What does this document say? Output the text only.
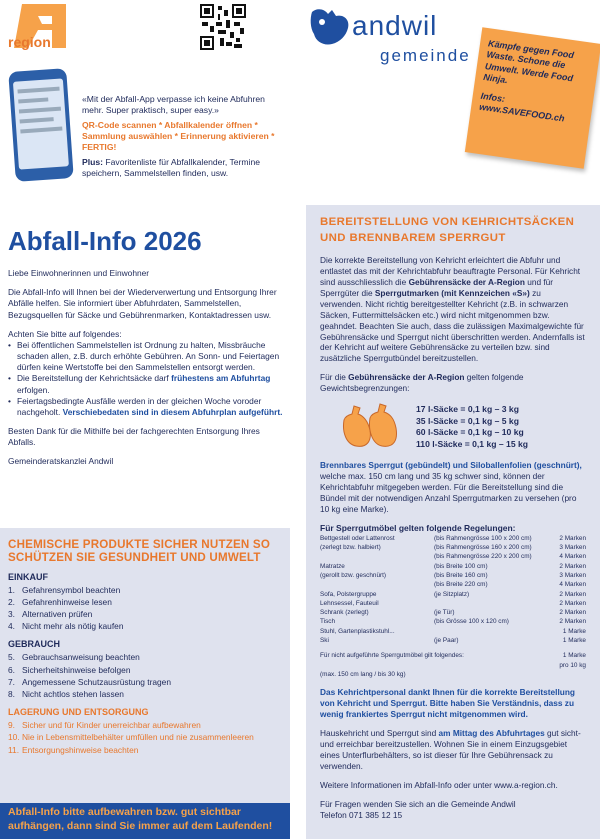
region
andwil
gemeinde
«Mit der Abfall-App verpasse ich keine Abfuhren mehr. Super praktisch, super easy.»
QR-Code scannen * Abfallkalender öffnen * Sammlung auswählen * Erinnerung aktivieren * FERTIG!
Plus: Favoritenliste für Abfallkalender, Termine speichern, Sammelstellen finden, usw.
Kämpfe gegen Food Waste. Schone die Umwelt. Werde Food Ninja.
Infos: www.SAVEFOOD.ch
Abfall-Info 2026

Liebe Einwohnerinnen und Einwohner

Die Abfall-Info will Ihnen bei der Wiederverwertung und Entsorgung Ihrer Abfälle helfen. Sie informiert über Abfuhrdaten, Sammelstellen, Bezugsquellen für Säcke und Gebührenmarken, Kontaktadressen usw.

Achten Sie bitte auf folgendes:
• Bei öffentlichen Sammelstellen ist Ordnung zu halten, Missbräuche schaden allen, z.B. durch erhöhte Gebühren. An Sonn- und Feiertagen dürfen keine Wertstoffe bei den Sammelstellen entsorgt werden.
• Die Bereitstellung der Kehrichtsäcke darf frühestens am Abfuhrtag erfolgen.
• Feiertagsbedingte Ausfälle werden in der gleichen Woche voroder nachgeholt. Verschiebedaten sind in diesem Abfuhrplan aufgeführt.

Besten Dank für die Mithilfe bei der fachgerechten Entsorgung Ihres Abfalls.

Gemeinderatskanzlei Andwil

CHEMISCHE PRODUKTE SICHER NUTZEN SO SCHÜTZEN SIE GESUNDHEIT UND UMWELT
EINKAUF
1. Gefahrensymbol beachten
2. Gefahrenhinweise lesen
3. Alternativen prüfen
4. Nicht mehr als nötig kaufen
GEBRAUCH
5. Gebrauchsanweisung beachten
6. Sicherheitshinweise befolgen
7. Angemessene Schutzausrüstung tragen
8. Nicht achtlos stehen lassen
LAGERUNG UND ENTSORGUNG
9. Sicher und für Kinder unerreichbar aufbewahren
10. Nie in Lebensmittelbehälter umfüllen und nie zusammenleeren
11. Entsorgungshinweise beachten
Abfall-Info bitte aufbewahren bzw. gut sichtbar aufhängen, dann sind Sie immer auf dem Laufenden!
BEREITSTELLUNG VON KEHRICHTSÄCKEN UND BRENNBAREM SPERRGUT
Die korrekte Bereitstellung von Kehricht erleichtert die Abfuhr und entlastet das mit der Kehrichtabfuhr beauftragte Personal. Für Kehricht sind ausschliesslich die Gebührensäcke der A-Region und für Sperrgüter die Sperrgutmarken (mit Kennzeichen «S») zu verwenden. Nicht richtig bereitgestellter Kehricht (z.B. in schwarzen Säcken, Futtermittelsäcken etc.) wird nicht mitgenommen bzw. geahndet. Beachten Sie auch, dass die zulässigen Maximalgewichte für Gebührensäcke und Sperrgut nicht überschritten werden. Andernfalls ist der Kehricht auf weitere Gebührensäcke zu verteilen bzw. sind zusätzliche Sperrgutbündel bereitzustellen.
Für die Gebührensäcke der A-Region gelten folgende Gewichtsbegrenzungen:
17 l-Säcke = 0,1 kg – 3 kg
35 l-Säcke = 0,1 kg – 5 kg
60 l-Säcke = 0,1 kg – 10 kg
110 l-Säcke = 0,1 kg – 15 kg
Brennbares Sperrgut (gebündelt) und Siloballenfolien (geschnürt), welche max. 150 cm lang und 35 kg schwer sind, können der Kehrichtabfuhr mitgegeben werden. Für die Bereitstellung sind die Bündel mit der notwendigen Anzahl Sperrgutmarken zu versehen (pro 10 kg eine Marke).
Für Sperrgutmöbel gelten folgende Regelungen:
Bettgestell oder Lattenrost	(bis Rahmengrösse 100 x 200 cm)	2 Marken
(zerlegt bzw. halbiert)	(bis Rahmengrösse 160 x 200 cm)	3 Marken
(bis Rahmengrösse 220 x 200 cm)	4 Marken
Matratze	(bis Breite 100 cm)	2 Marken
(gerollt bzw. geschnürt)	(bis Breite 160 cm)	3 Marken
(bis Breite 220 cm)	4 Marken
Sofa, Polstergruppe	(je Sitzplatz)	2 Marken
Lehnsessel, Fauteuil	2 Marken
Schrank (zerlegt)	(je Tür)	2 Marken
Tisch	(bis Grösse 100 x 120 cm)	2 Marken
Stuhl, Gartenplastikstuhl...	1 Marke
Ski	(je Paar)	1 Marke
Für nicht aufgeführte Sperrgutmöbel gilt folgendes:	1 Marke pro 10 kg
(max. 150 cm lang / bis 30 kg)
Das Kehrichtpersonal dankt Ihnen für die korrekte Bereitstellung von Kehricht und Sperrgut. Bitte haben Sie Verständnis, dass zu wenig frankiertes Sperrgut nicht mitgenommen wird.
Hauskehricht und Sperrgut sind am Mittag des Abfuhrtages gut sicht- und erreichbar bereitzustellen. Wohnen Sie in einem Einzugsgebiet eines Unterflurbehälters, so ist dieser für Ihre Gebührensack zu verwenden.
Weitere Informationen im Abfall-Info oder unter www.a-region.ch.
Für Fragen wenden Sie sich an die Gemeinde Andwil
Telefon 071 385 12 15
